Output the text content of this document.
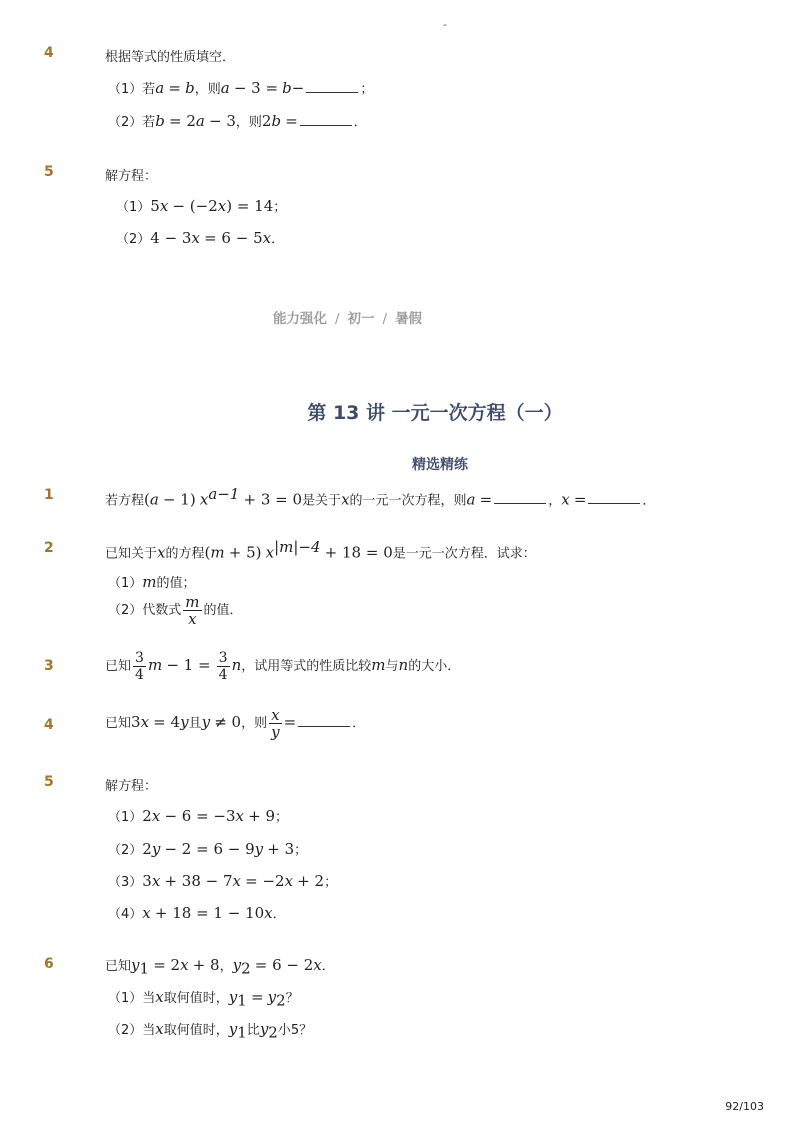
-
4	根据等式的性质填空．
（1）若a = b，则a − 3 = b−	；
（2）若b = 2a − 3，则2b =	．
5	解方程：
（1）5x − (−2x) = 14；
（2）4 − 3x = 6 − 5x．
能力强化 / 初一 / 暑假
第 13 讲 一元一次方程（一）
精选精练
1	若方程(a − 1) $x^{a-1} + 3 = 0$是关于x的一元一次方程，则a =	，x =	．
2	已知关于x的方程(m + 5) $x^{|m|-4} + 18 = 0$是一元一次方程．试求：
（1）m的值；
（2）代数式 $\frac{m}{x}$ 的值．
3	已知 $\frac{3}{4}$ $m - 1 = \frac{3}{4}$ n，试用等式的性质比较m与n的大小．
4	已知3x = 4y且y ≠ 0，则 $\frac{x}{y}$ =	．
5	解方程：
（1）2x − 6 = −3x + 9；
（2）2y − 2 = 6 − 9y + 3；
（3）3x + 38 − 7x = −2x + 2；
（4）x + 18 = 1 − 10x．
6	已知$y_1 = 2x + 8$，$y_2 = 6 - 2x$．
（1）当x取何值时，$y_1 = y_2$？
（2）当x取何值时，$y_1$比$y_2$小5？
92/103
